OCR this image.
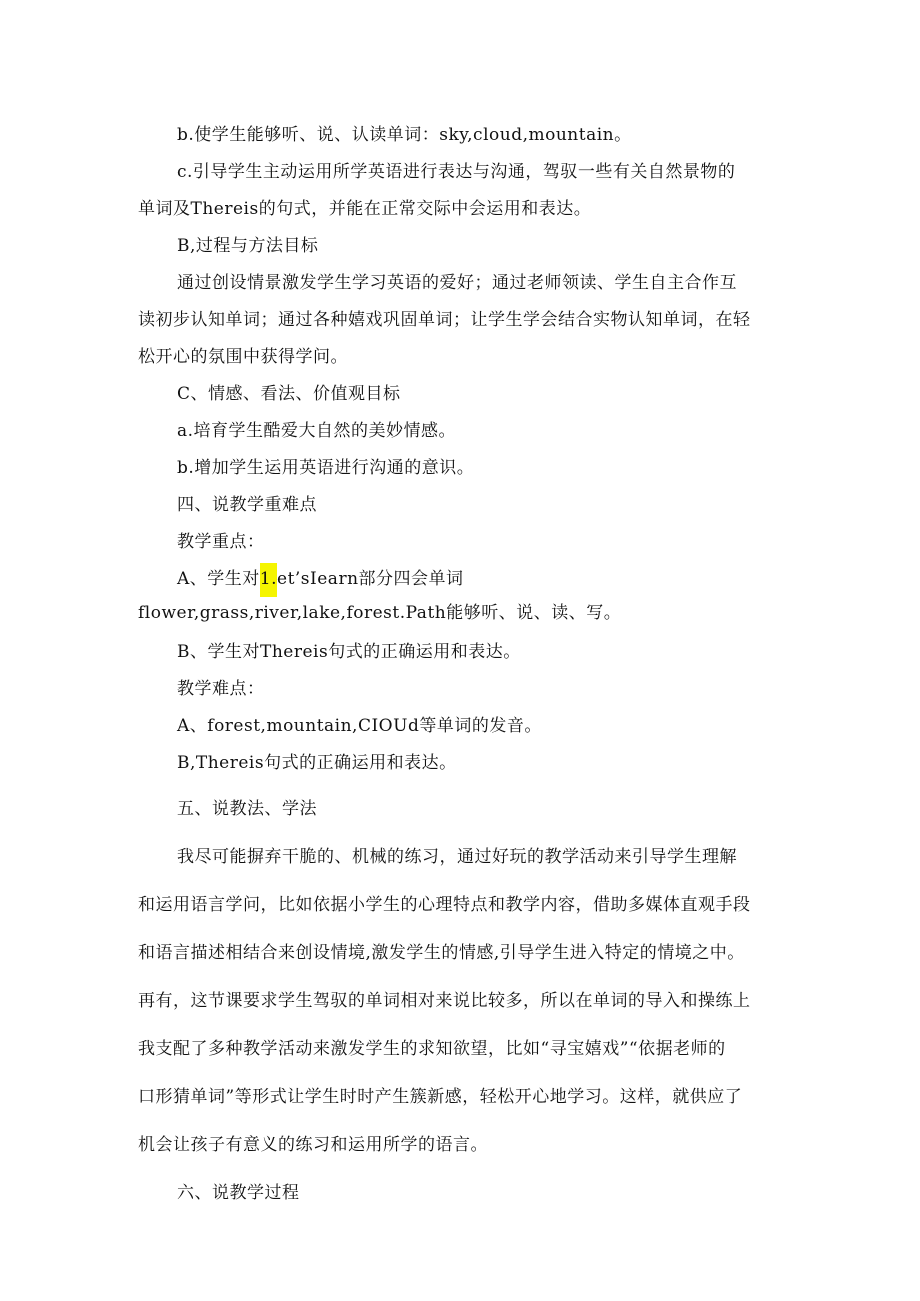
b.使学生能够听、说、认读单词：sky,cloud,mountain。
c.引导学生主动运用所学英语进行表达与沟通，驾驭一些有关自然景物的
单词及Thereis的句式，并能在正常交际中会运用和表达。
B,过程与方法目标
通过创设情景激发学生学习英语的爱好；通过老师领读、学生自主合作互
读初步认知单词；通过各种嬉戏巩固单词；让学生学会结合实物认知单词，在轻
松开心的氛围中获得学问。
C、情感、看法、价值观目标
a.培育学生酷爱大自然的美妙情感。
b.增加学生运用英语进行沟通的意识。
四、说教学重难点
教学重点：
A、学生对1.et’sIearn部分四会单词
flower,grass,river,lake,forest.Path能够听、说、读、写。
B、学生对Thereis句式的正确运用和表达。
教学难点：
A、forest,mountain,CIOUd等单词的发音。
B,Thereis句式的正确运用和表达。
五、说教法、学法
我尽可能摒弃干脆的、机械的练习，通过好玩的教学活动来引导学生理解
和运用语言学问，比如依据小学生的心理特点和教学内容，借助多媒体直观手段
和语言描述相结合来创设情境,激发学生的情感,引导学生进入特定的情境之中。
再有，这节课要求学生驾驭的单词相对来说比较多，所以在单词的导入和操练上
我支配了多种教学活动来激发学生的求知欲望，比如“寻宝嬉戏”“依据老师的
口形猜单词”等形式让学生时时产生簇新感，轻松开心地学习。这样，就供应了
机会让孩子有意义的练习和运用所学的语言。
六、说教学过程
